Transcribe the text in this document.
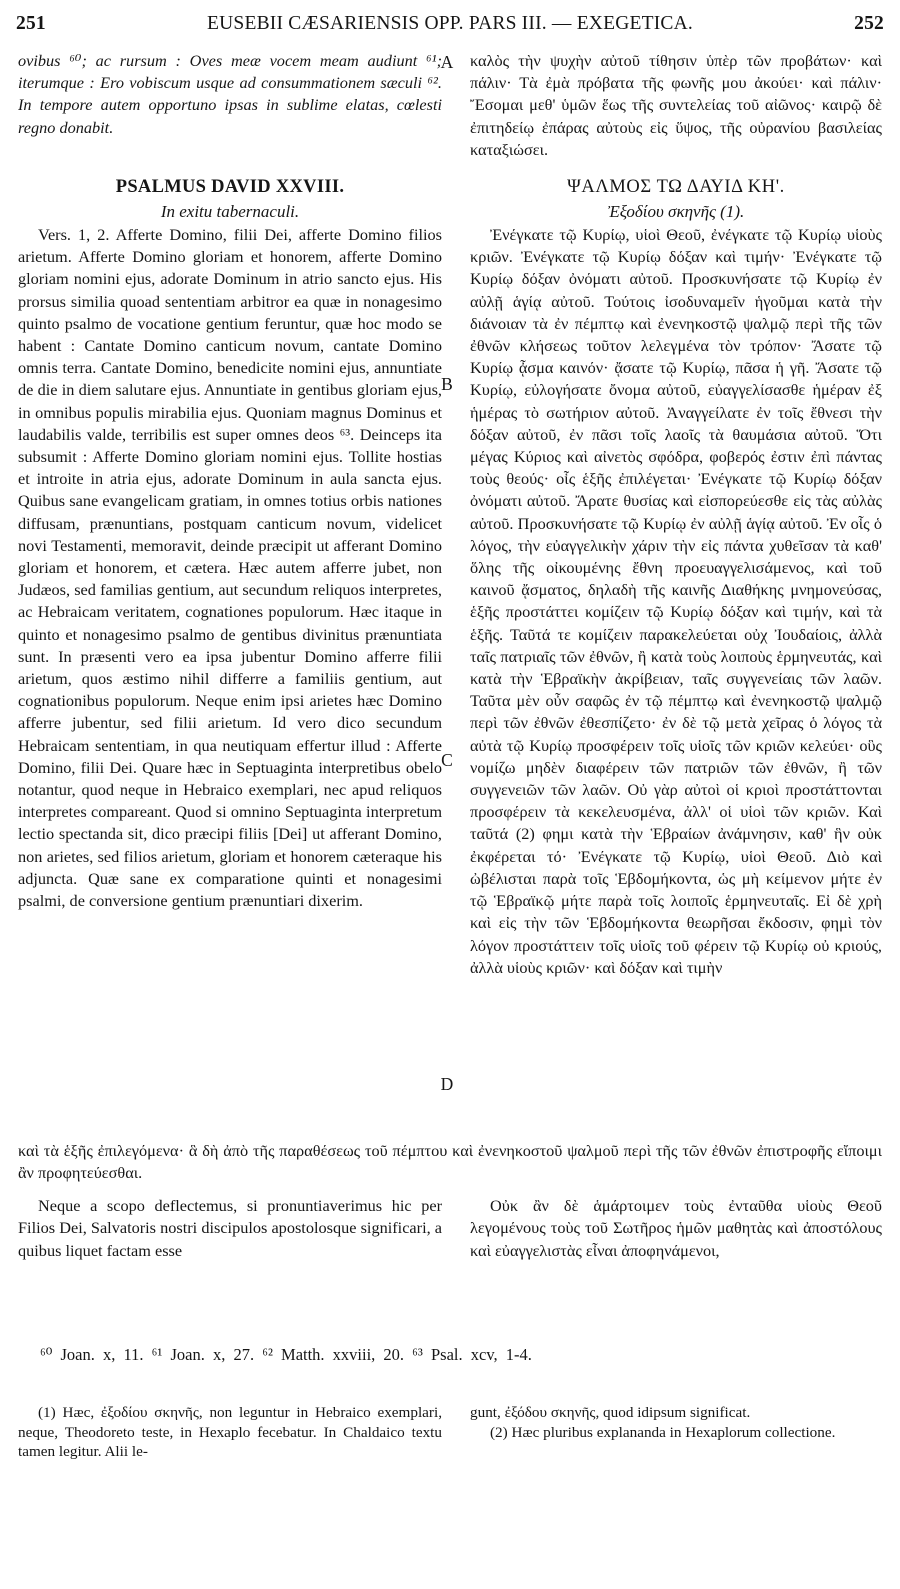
251	EUSEBII CÆSARIENSIS OPP. PARS III. — EXEGETICA.	252
A
B
C
D

ovibus ⁶⁰; ac rursum : Oves meæ vocem meam audiunt ⁶¹; iterumque : Ero vobiscum usque ad consummationem sæculi ⁶². In tempore autem opportuno ipsas in sublime elatas, cœlesti regno donabit.

PSALMUS DAVID XXVIII.
In exitu tabernaculi.

Vers. 1, 2. Afferte Domino, filii Dei, afferte Domino filios arietum. Afferte Domino gloriam et honorem, afferte Domino gloriam nomini ejus, adorate Dominum in atrio sancto ejus. His prorsus similia quoad sententiam arbitror ea quæ in nonagesimo quinto psalmo de vocatione gentium feruntur, quæ hoc modo se habent : Cantate Domino canticum novum, cantate Domino omnis terra. Cantate Domino, benedicite nomini ejus, annuntiate de die in diem salutare ejus. Annuntiate in gentibus gloriam ejus, in omnibus populis mirabilia ejus. Quoniam magnus Dominus et laudabilis valde, terribilis est super omnes deos ⁶³. Deinceps ita subsumit : Afferte Domino gloriam nomini ejus. Tollite hostias et introite in atria ejus, adorate Dominum in aula sancta ejus. Quibus sane evangelicam gratiam, in omnes totius orbis nationes diffusam, prænuntians, postquam canticum novum, videlicet novi Testamenti, memoravit, deinde præcipit ut afferant Domino gloriam et honorem, et cætera. Hæc autem afferre jubet, non Judæos, sed familias gentium, aut secundum reliquos interpretes, ac Hebraicam veritatem, cognationes populorum. Hæc itaque in quinto et nonagesimo psalmo de gentibus divinitus prænuntiata sunt. In præsenti vero ea ipsa jubentur Domino afferre filii arietum, quos æstimo nihil differre a familiis gentium, aut cognationibus populorum. Neque enim ipsi arietes hæc Domino afferre jubentur, sed filii arietum. Id vero dico secundum Hebraicam sententiam, in qua neutiquam effertur illud : Afferte Domino, filii Dei. Quare hæc in Septuaginta interpretibus obelo notantur, quod neque in Hebraico exemplari, nec apud reliquos interpretes compareant. Quod si omnino Septuaginta interpretum lectio spectanda sit, dico præcipi filiis [Dei] ut afferant Domino, non arietes, sed filios arietum, gloriam et honorem cæteraque his adjuncta. Quæ sane ex comparatione quinti et nonagesimi psalmi, de conversione gentium prænuntiari dixerim.

καλὸς τὴν ψυχὴν αὐτοῦ τίθησιν ὑπὲρ τῶν προβάτων· καὶ πάλιν· Τὰ ἐμὰ πρόβατα τῆς φωνῆς μου ἀκούει· καὶ πάλιν· Ἔσομαι μεθ' ὑμῶν ἕως τῆς συντελείας τοῦ αἰῶνος· καιρῷ δὲ ἐπιτηδείῳ ἐπάρας αὐτοὺς εἰς ὕψος, τῆς οὐρανίου βασιλείας καταξιώσει.

ΨΑΛΜΟΣ ΤΩ ΔΑΥΙΔ ΚΗ'.
Ἐξοδίου σκηνῆς (1).

Ἐνέγκατε τῷ Κυρίῳ, υἱοὶ Θεοῦ, ἐνέγκατε τῷ Κυρίῳ υἱοὺς κριῶν. Ἐνέγκατε τῷ Κυρίῳ δόξαν καὶ τιμήν· Ἐνέγκατε τῷ Κυρίῳ δόξαν ὀνόματι αὐτοῦ. Προσκυνήσατε τῷ Κυρίῳ ἐν αὐλῇ ἁγίᾳ αὐτοῦ. Τούτοις ἰσοδυναμεῖν ἡγοῦμαι κατὰ τὴν διάνοιαν τὰ ἐν πέμπτῳ καὶ ἐνενηκοστῷ ψαλμῷ περὶ τῆς τῶν ἐθνῶν κλήσεως τοῦτον λελεγμένα τὸν τρόπον· Ἄσατε τῷ Κυρίῳ ᾆσμα καινόν· ᾄσατε τῷ Κυρίῳ, πᾶσα ἡ γῆ. Ἄσατε τῷ Κυρίῳ, εὐλογήσατε ὄνομα αὐτοῦ, εὐαγγελίσασθε ἡμέραν ἐξ ἡμέρας τὸ σωτήριον αὐτοῦ. Ἀναγγείλατε ἐν τοῖς ἔθνεσι τὴν δόξαν αὐτοῦ, ἐν πᾶσι τοῖς λαοῖς τὰ θαυμάσια αὐτοῦ. Ὅτι μέγας Κύριος καὶ αἰνετὸς σφόδρα, φοβερός ἐστιν ἐπὶ πάντας τοὺς θεούς· οἷς ἑξῆς ἐπιλέγεται· Ἐνέγκατε τῷ Κυρίῳ δόξαν ὀνόματι αὐτοῦ. Ἄρατε θυσίας καὶ εἰσπορεύεσθε εἰς τὰς αὐλὰς αὐτοῦ. Προσκυνήσατε τῷ Κυρίῳ ἐν αὐλῇ ἁγίᾳ αὐτοῦ. Ἐν οἷς ὁ λόγος, τὴν εὐαγγελικὴν χάριν τὴν εἰς πάντα χυθεῖσαν τὰ καθ' ὅλης τῆς οἰκουμένης ἔθνη προευαγγελισάμενος, καὶ τοῦ καινοῦ ᾄσματος, δηλαδὴ τῆς καινῆς Διαθήκης μνημονεύσας, ἑξῆς προστάττει κομίζειν τῷ Κυρίῳ δόξαν καὶ τιμήν, καὶ τὰ ἑξῆς. Ταῦτά τε κομίζειν παρακελεύεται οὐχ Ἰουδαίοις, ἀλλὰ ταῖς πατριαῖς τῶν ἐθνῶν, ἢ κατὰ τοὺς λοιποὺς ἑρμηνευτάς, καὶ κατὰ τὴν Ἑβραϊκὴν ἀκρίβειαν, ταῖς συγγενείαις τῶν λαῶν. Ταῦτα μὲν οὖν σαφῶς ἐν τῷ πέμπτῳ καὶ ἐνενηκοστῷ ψαλμῷ περὶ τῶν ἐθνῶν ἐθεσπίζετο· ἐν δὲ τῷ μετὰ χεῖρας ὁ λόγος τὰ αὐτὰ τῷ Κυρίῳ προσφέρειν τοῖς υἱοῖς τῶν κριῶν κελεύει· οὓς νομίζω μηδὲν διαφέρειν τῶν πατριῶν τῶν ἐθνῶν, ἢ τῶν συγγενειῶν τῶν λαῶν. Οὐ γὰρ αὐτοὶ οἱ κριοὶ προστάττονται προσφέρειν τὰ κεκελευσμένα, ἀλλ' οἱ υἱοὶ τῶν κριῶν. Καὶ ταῦτά (2) φημι κατὰ τὴν Ἑβραίων ἀνάμνησιν, καθ' ἣν οὐκ ἐκφέρεται τό· Ἐνέγκατε τῷ Κυρίῳ, υἱοὶ Θεοῦ. Διὸ καὶ ὠβέλισται παρὰ τοῖς Ἑβδομήκοντα, ὡς μὴ κείμενον μήτε ἐν τῷ Ἑβραϊκῷ μήτε παρὰ τοῖς λοιποῖς ἑρμηνευταῖς. Εἰ δὲ χρὴ καὶ εἰς τὴν τῶν Ἑβδομήκοντα θεωρῆσαι ἔκδοσιν, φημὶ τὸν λόγον προστάττειν τοῖς υἱοῖς τοῦ φέρειν τῷ Κυρίῳ οὐ κριούς, ἀλλὰ υἱοὺς κριῶν· καὶ δόξαν καὶ τιμὴν

καὶ τὰ ἑξῆς ἐπιλεγόμενα· ἃ δὴ ἀπὸ τῆς παραθέσεως τοῦ πέμπτου καὶ ἐνενηκοστοῦ ψαλμοῦ περὶ τῆς τῶν ἐθνῶν ἐπιστροφῆς εἴποιμι ἂν προφητεύεσθαι.

Neque a scopo deflectemus, si pronuntiaverimus hic per Filios Dei, Salvatoris nostri discipulos apostolosque significari, a quibus liquet factam esse

Οὐκ ἂν δὲ ἁμάρτοιμεν τοὺς ἐνταῦθα υἱοὺς Θεοῦ λεγομένους τοὺς τοῦ Σωτῆρος ἡμῶν μαθητὰς καὶ ἀποστόλους καὶ εὐαγγελιστὰς εἶναι ἀποφηνάμενοι,

⁶⁰ Joan. x, 11. ⁶¹ Joan. x, 27. ⁶² Matth. xxviii, 20. ⁶³ Psal. xcv, 1-4.

(1) Hæc, ἐξοδίου σκηνῆς, non leguntur in Hebraico exemplari, neque, Theodoreto teste, in Hexaplo fecebatur. In Chaldaico textu tamen legitur. Alii le-

gunt, ἐξόδου σκηνῆς, quod idipsum significat.

(2) Hæc pluribus explananda in Hexaplorum collectione.
